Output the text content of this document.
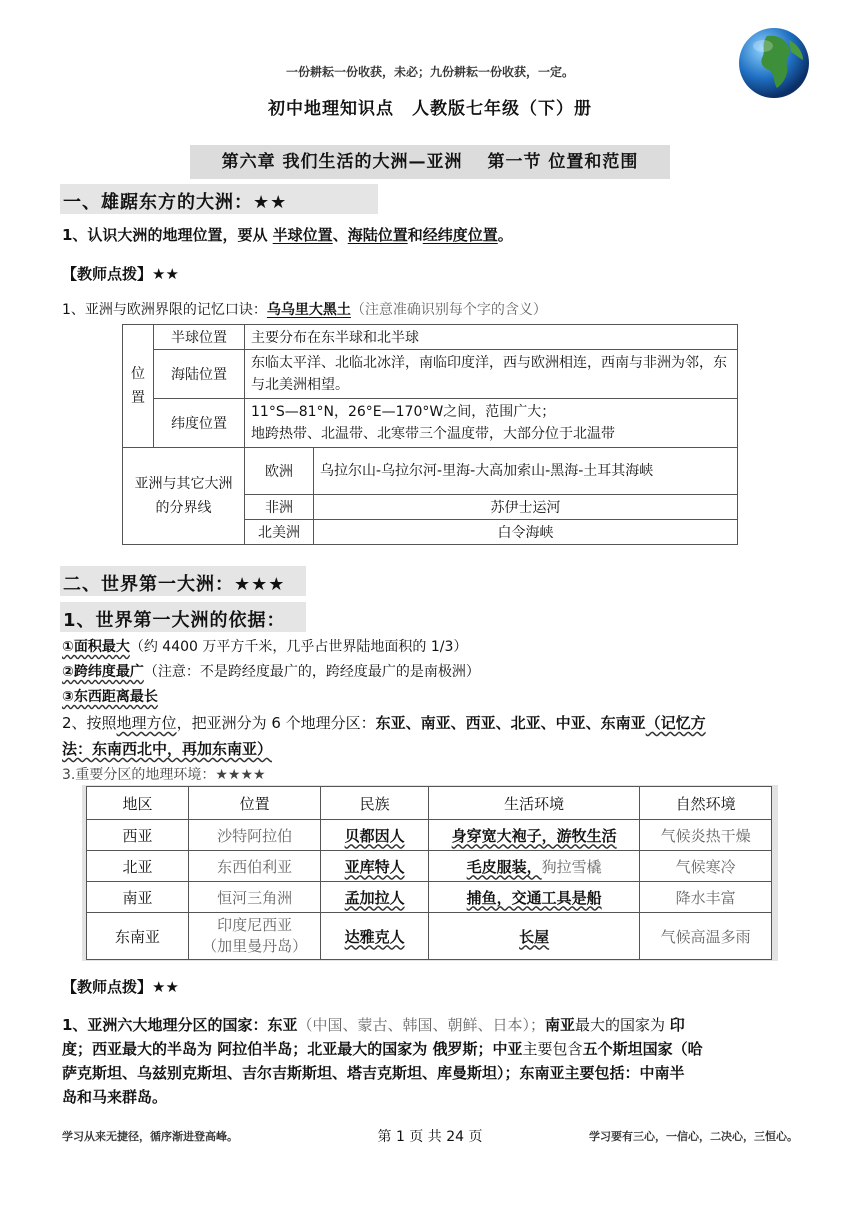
一份耕耘一份收获，未必；九份耕耘一份收获，一定。
初中地理知识点　人教版七年级（下）册
第六章 我们生活的大洲—亚洲　 第一节 位置和范围
一、雄踞东方的大洲：★★
1、认识大洲的地理位置，要从 半球位置、海陆位置和经纬度位置。
【教师点拨】★★
1、亚洲与欧洲界限的记忆口诀：乌乌里大黑土（注意准确识别每个字的含义）
位置	半球位置	主要分布在东半球和北半球	
	海陆位置	东临太平洋、北临北冰洋，南临印度洋，西与欧洲相连，西南与非洲为邻，东与北美洲相望。	
	纬度位置	11°S—81°N，26°E—170°W之间，范围广大；
地跨热带、北温带、北寒带三个温度带，大部分位于北温带	

亚洲与其它大洲的分界线		欧洲	乌拉尔山-乌拉尔河-里海-大高加索山-黑海-土耳其海峡
		非洲	苏伊士运河
		北美洲	白令海峡
二、世界第一大洲：★★★
1、世界第一大洲的依据：
①面积最大（约 4400 万平方千米，几乎占世界陆地面积的 1/3）
②跨纬度最广（注意：不是跨经度最广的，跨经度最广的是南极洲）
③东西距离最长
2、按照地理方位，把亚洲分为 6 个地理分区：东亚、南亚、西亚、北亚、中亚、东南亚（记忆方
法：东南西北中，再加东南亚）
3.重要分区的地理环境：★★★★
地区	位置	民族	生活环境	自然环境
西亚	沙特阿拉伯	贝都因人	身穿宽大袍子，游牧生活	气候炎热干燥
北亚	东西伯利亚	亚库特人	毛皮服装，狗拉雪橇	气候寒冷
南亚	恒河三角洲	孟加拉人	捕鱼，交通工具是船	降水丰富
东南亚	印度尼西亚
（加里曼丹岛）	达雅克人	长屋	气候高温多雨
【教师点拨】★★
1、亚洲六大地理分区的国家：东亚（中国、蒙古、韩国、朝鲜、日本）；南亚最大的国家为 印
度；西亚最大的半岛为 阿拉伯半岛；北亚最大的国家为 俄罗斯；中亚主要包含五个斯坦国家（哈
萨克斯坦、乌兹别克斯坦、吉尔吉斯斯坦、塔吉克斯坦、库曼斯坦）；东南亚主要包括：中南半
岛和马来群岛。
学习从来无捷径，循序渐进登高峰。	第 1 页 共 24 页	学习要有三心，一信心，二决心，三恒心。
